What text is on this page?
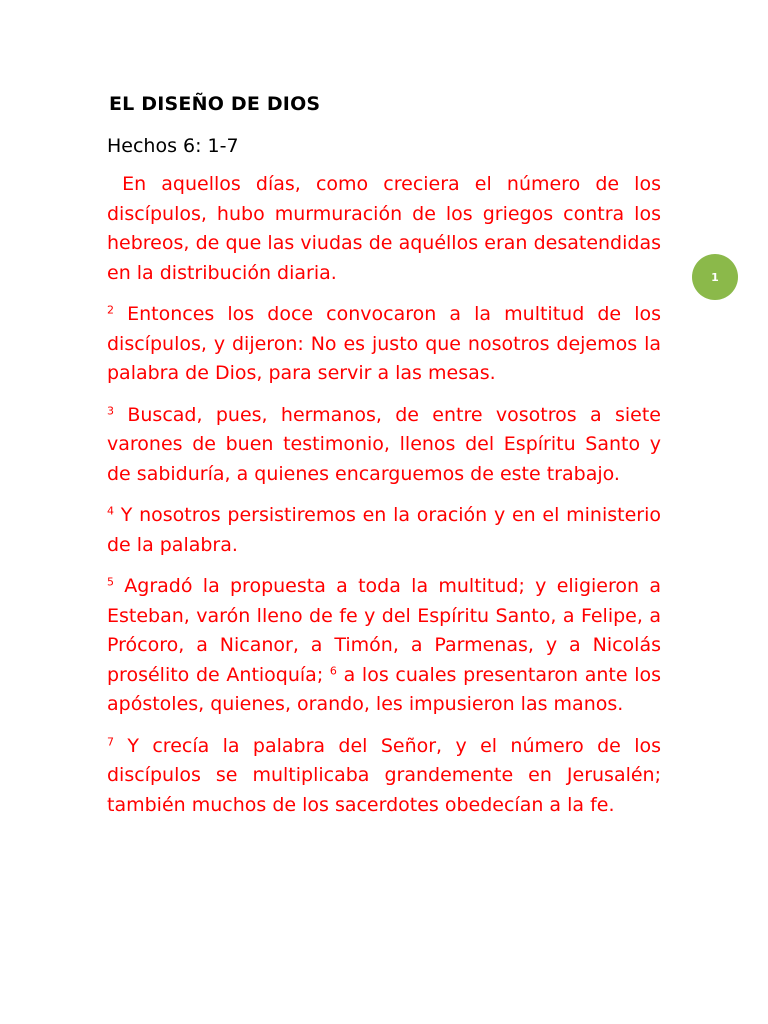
EL DISEÑO DE DIOS
Hechos 6: 1-7

En aquellos días, como creciera el número de los discípulos, hubo murmuración de los griegos contra los hebreos, de que las viudas de aquéllos eran desatendidas en la distribución diaria.

$^2$ Entonces los doce convocaron a la multitud de los discípulos, y dijeron: No es justo que nosotros dejemos la palabra de Dios, para servir a las mesas.

$^3$ Buscad, pues, hermanos, de entre vosotros a siete varones de buen testimonio, llenos del Espíritu Santo y de sabiduría, a quienes encarguemos de este trabajo.

$^4$ Y nosotros persistiremos en la oración y en el ministerio de la palabra.

$^5$ Agradó la propuesta a toda la multitud; y eligieron a Esteban, varón lleno de fe y del Espíritu Santo, a Felipe, a Prócoro, a Nicanor, a Timón, a Parmenas, y a Nicolás prosélito de Antioquía; $^6$ a los cuales presentaron ante los apóstoles, quienes, orando, les impusieron las manos.

$^7$ Y crecía la palabra del Señor, y el número de los discípulos se multiplicaba grandemente en Jerusalén; también muchos de los sacerdotes obedecían a la fe.

1
